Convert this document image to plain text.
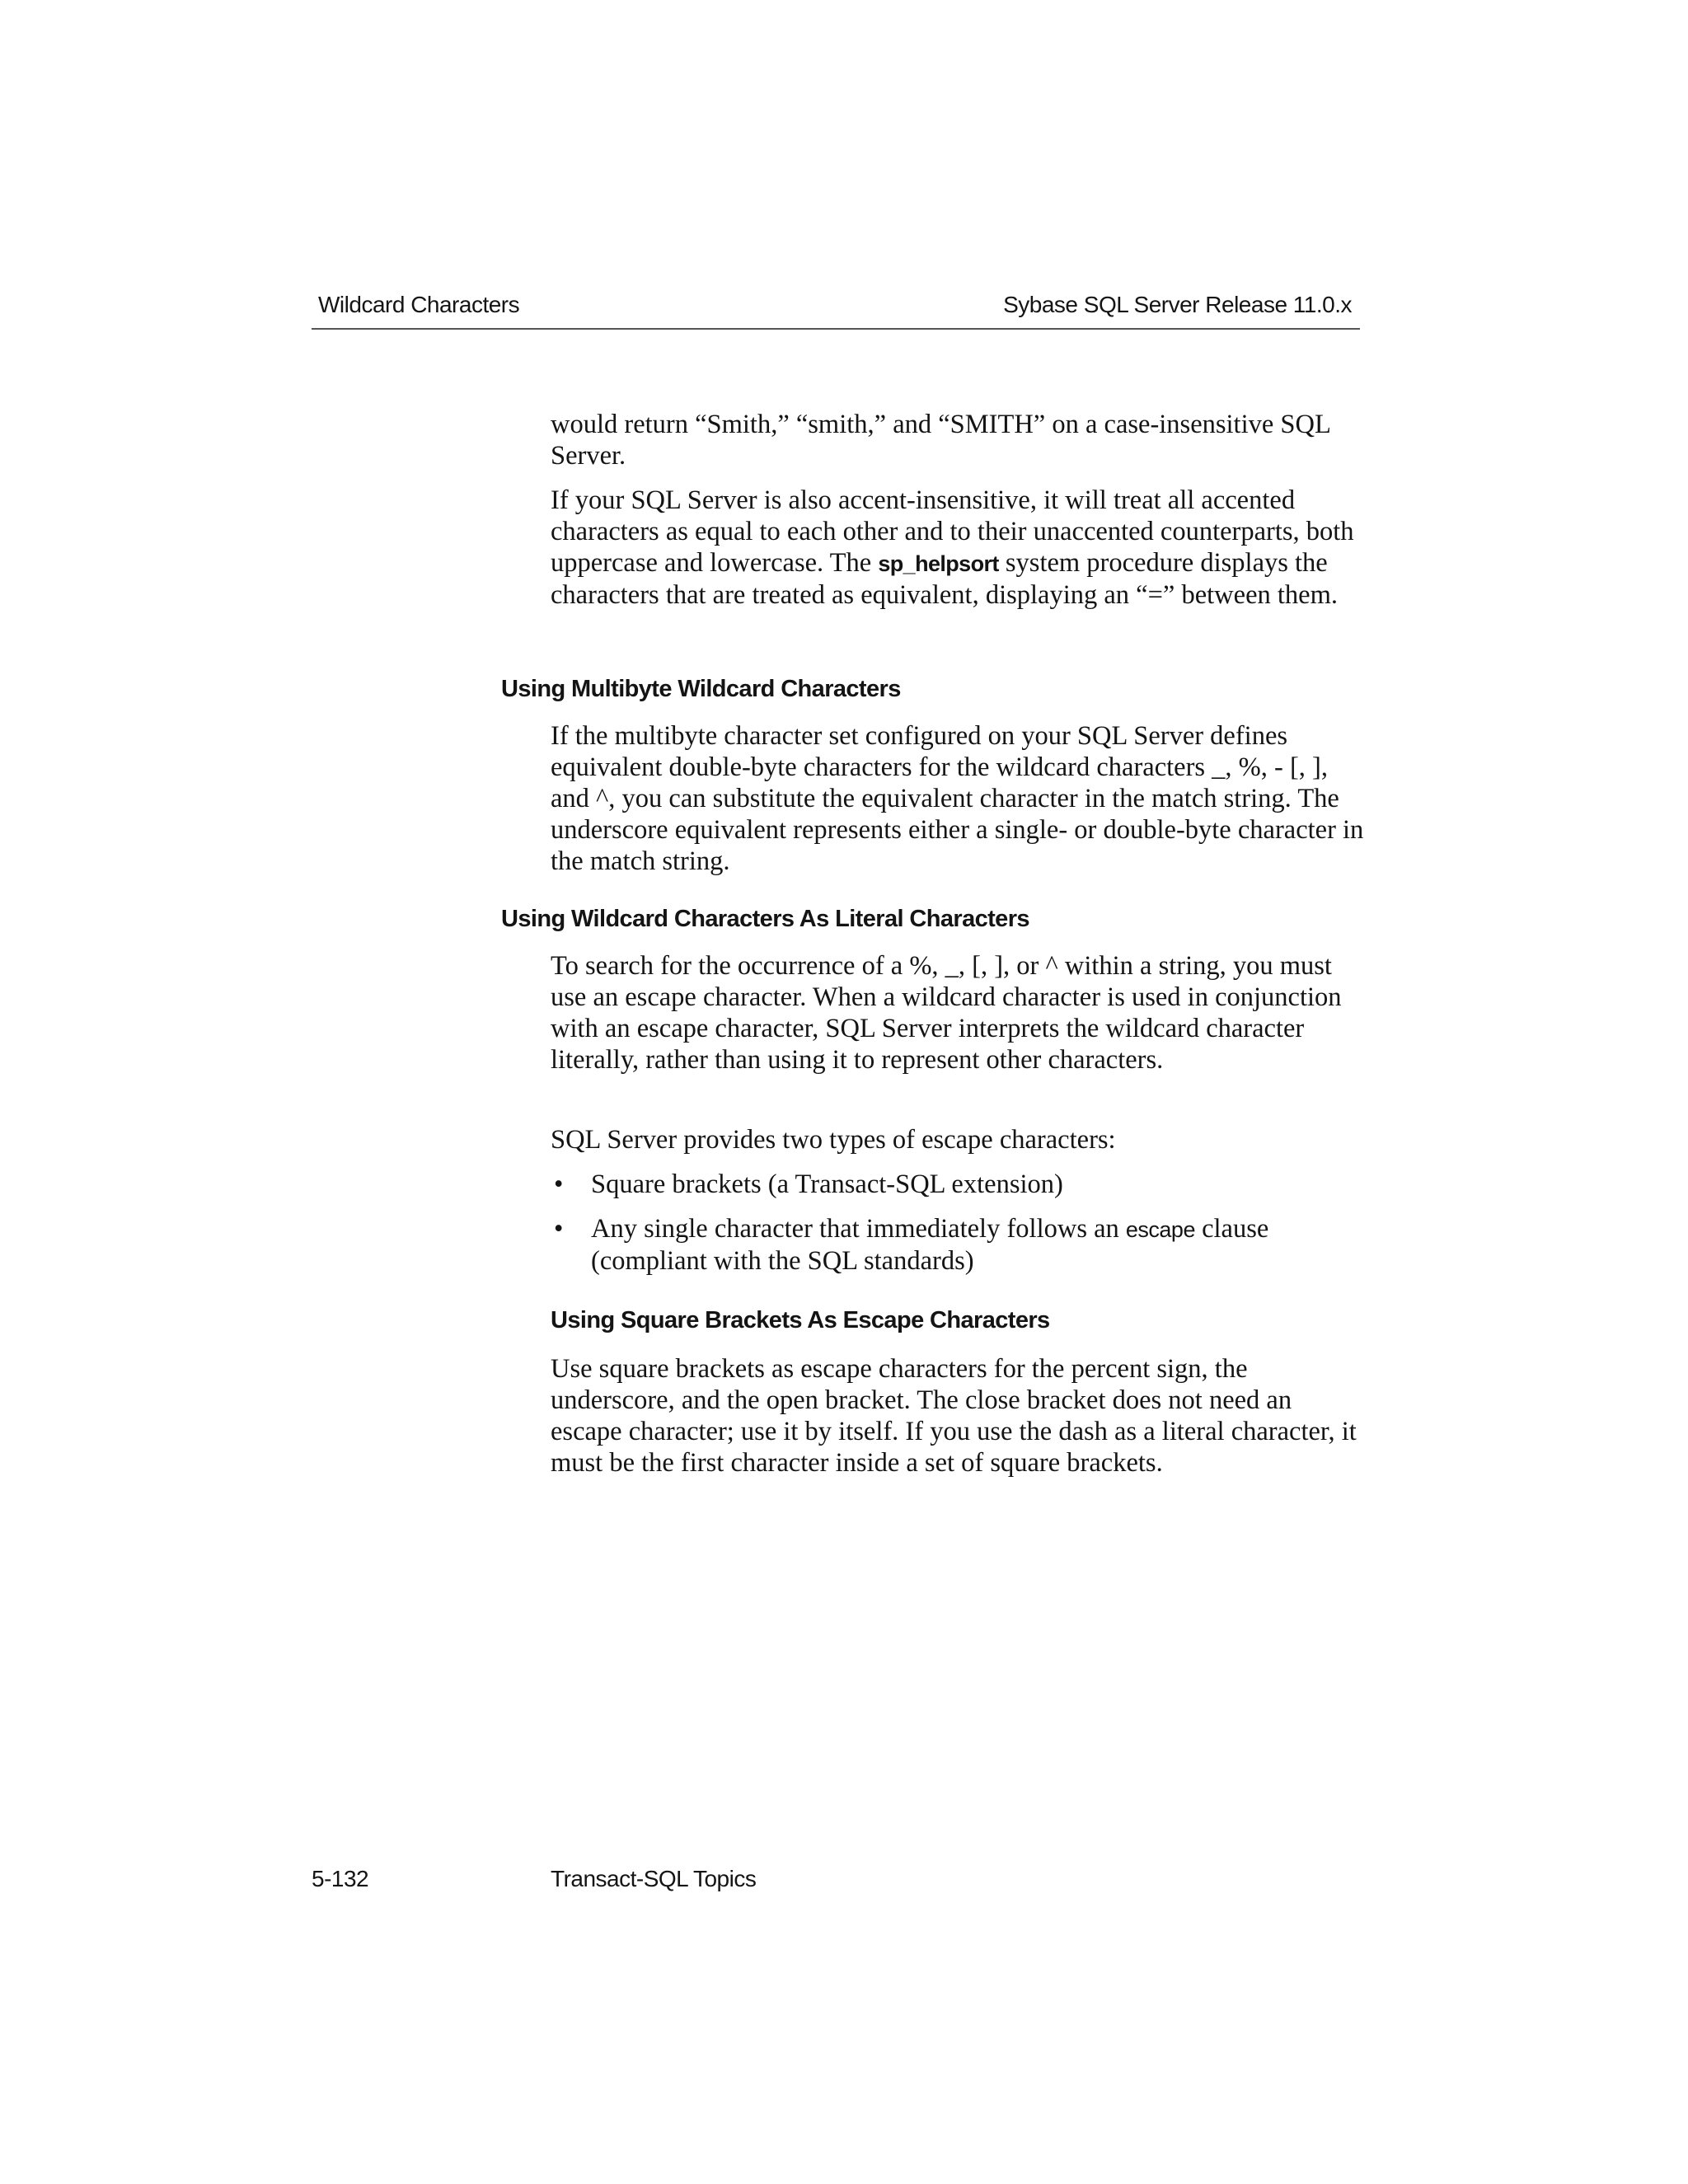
Wildcard Characters	Sybase SQL Server Release 11.0.x

would return “Smith,” “smith,” and “SMITH” on a case-insensitive SQL Server.

If your SQL Server is also accent-insensitive, it will treat all accented characters as equal to each other and to their unaccented counterparts, both uppercase and lowercase. The sp_helpsort system procedure displays the characters that are treated as equivalent, displaying an “=” between them.

Using Multibyte Wildcard Characters

If the multibyte character set configured on your SQL Server defines equivalent double-byte characters for the wildcard characters _, %, - [, ], and ^, you can substitute the equivalent character in the match string. The underscore equivalent represents either a single- or double-byte character in the match string.

Using Wildcard Characters As Literal Characters

To search for the occurrence of a %, _, [, ], or ^ within a string, you must use an escape character. When a wildcard character is used in conjunction with an escape character, SQL Server interprets the wildcard character literally, rather than using it to represent other characters.

SQL Server provides two types of escape characters:

• Square brackets (a Transact-SQL extension)
• Any single character that immediately follows an escape clause (compliant with the SQL standards)
Using Square Brackets As Escape Characters

Use square brackets as escape characters for the percent sign, the underscore, and the open bracket. The close bracket does not need an escape character; use it by itself. If you use the dash as a literal character, it must be the first character inside a set of square brackets.

5-132	Transact-SQL Topics
